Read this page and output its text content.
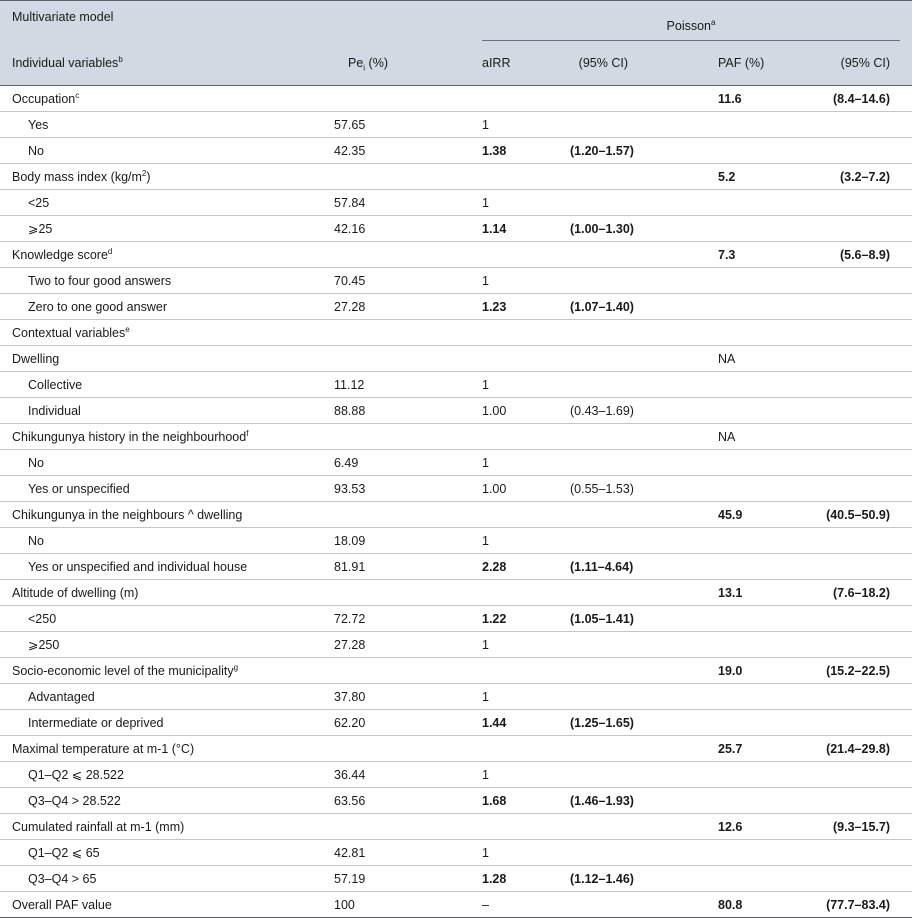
Multivariate model		Poisson$^a$

Individual variables$^b$	$Pe_i$ (%)	aIRR	(95% CI)	PAF (%)	(95% CI)
Occupation$^c$				11.6	(8.4–14.6)
Yes	57.65	1			
No	42.35	1.38	(1.20–1.57)		
Body mass index $(kg/m^2)$				5.2	(3.2–7.2)
<25	57.84	1			
⩾25	42.16	1.14	(1.00–1.30)		
Knowledge score$^d$				7.3	(5.6–8.9)
Two to four good answers	70.45	1			
Zero to one good answer	27.28	1.23	(1.07–1.40)		
Contextual variables$^e$					
Dwelling				NA	
Collective	11.12	1			
Individual	88.88	1.00	(0.43–1.69)		
Chikungunya history in the neighbourhood$^f$				NA	
No	6.49	1			
Yes or unspecified	93.53	1.00	(0.55–1.53)		
Chikungunya in the neighbours ^ dwelling				45.9	(40.5–50.9)
No	18.09	1			
Yes or unspecified and individual house	81.91	2.28	(1.11–4.64)		
Altitude of dwelling (m)				13.1	(7.6–18.2)
<250	72.72	1.22	(1.05–1.41)		
⩾250	27.28	1			
Socio-economic level of the municipality$^g$				19.0	(15.2–22.5)
Advantaged	37.80	1			
Intermediate or deprived	62.20	1.44	(1.25–1.65)		
Maximal temperature at m-1 (°C)				25.7	(21.4–29.8)
Q1–Q2 ⩽ 28.522	36.44	1			
Q3–Q4 > 28.522	63.56	1.68	(1.46–1.93)		
Cumulated rainfall at m-1 (mm)				12.6	(9.3–15.7)
Q1–Q2 ⩽ 65	42.81	1			
Q3–Q4 > 65	57.19	1.28	(1.12–1.46)		
Overall PAF value	100	–		80.8	(77.7–83.4)
